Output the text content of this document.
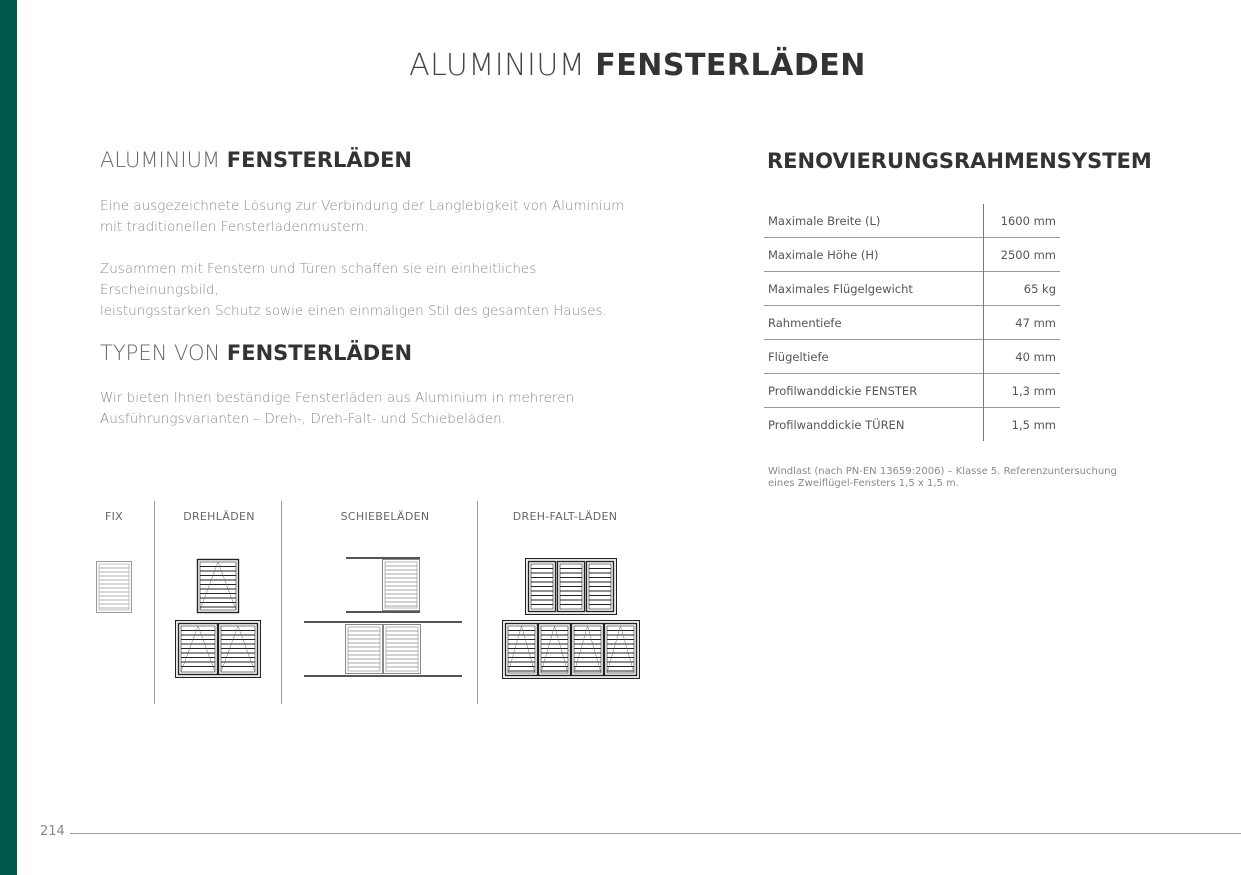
ALUMINIUM FENSTERLÄDEN
ALUMINIUM FENSTERLÄDEN

Eine ausgezeichnete Lösung zur Verbindung der Langlebigkeit von Aluminium

mit traditionellen Fensterladenmustern.

Zusammen mit Fenstern und Türen schaffen sie ein einheitliches Erscheinungsbild,

leistungsstarken Schutz sowie einen einmaligen Stil des gesamten Hauses.

TYPEN VON FENSTERLÄDEN

Wir bieten Ihnen beständige Fensterläden aus Aluminium in mehreren

Ausführungsvarianten – Dreh-, Dreh-Falt- und Schiebeläden.

RENOVIERUNGSRAHMENSYSTEM
Maximale Breite (L)	1600 mm
Maximale Höhe (H)	2500 mm
Maximales Flügelgewicht	65 kg
Rahmentiefe	47 mm
Flügeltiefe	40 mm
Profilwanddickie FENSTER	1,3 mm
Profilwanddickie TÜREN	1,5 mm
Windlast (nach PN-EN 13659:2006) – Klasse 5. Referenzuntersuchung
eines Zweiflügel-Fensters 1,5 x 1,5 m.
FIX	DREHLÄDEN	SCHIEBELÄDEN	DREH-FALT-LÄDEN
214
